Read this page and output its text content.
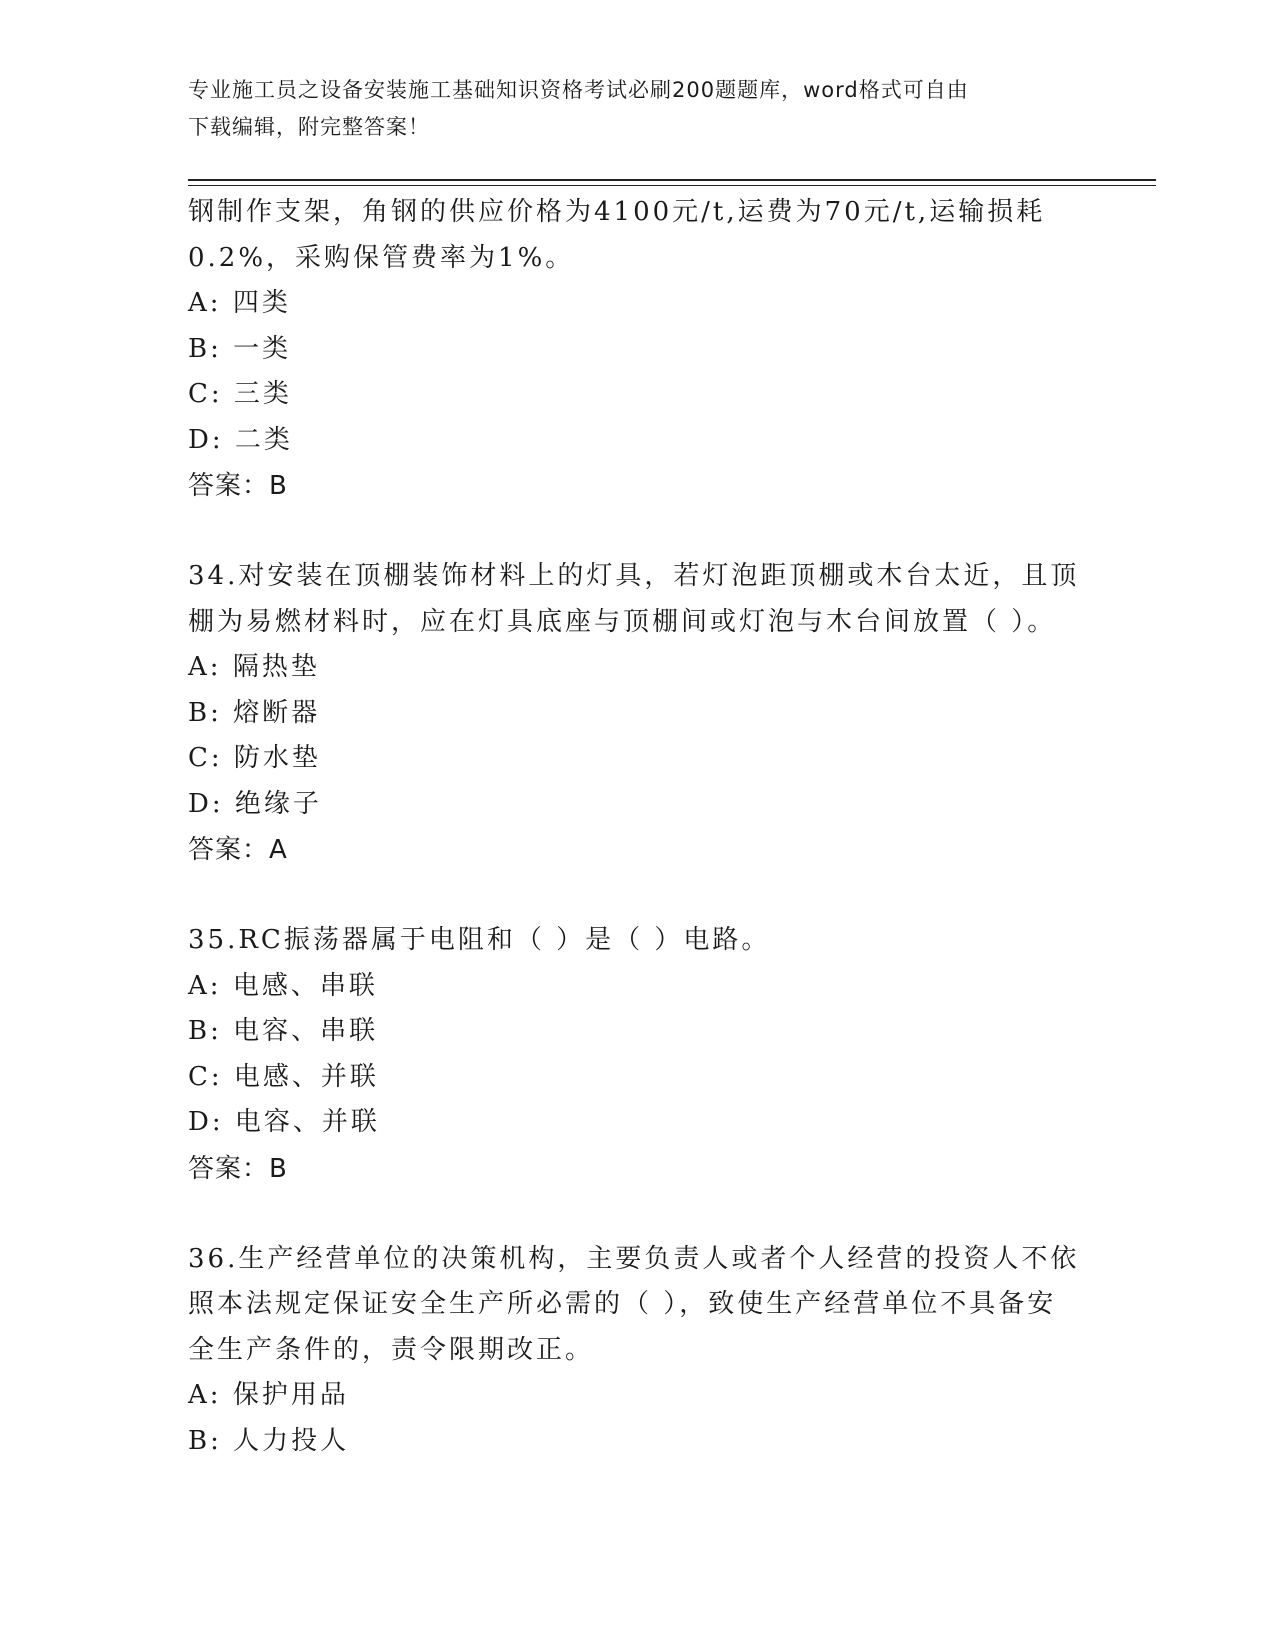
专业施工员之设备安装施工基础知识资格考试必刷200题题库，word格式可自由
下载编辑，附完整答案！
钢制作支架，角钢的供应价格为4100元/t,运费为70元/t,运输损耗
0.2%，采购保管费率为1%。
A: 四类
B: 一类
C: 三类
D: 二类
答案：B
34.对安装在顶棚装饰材料上的灯具，若灯泡距顶棚或木台太近，且顶
棚为易燃材料时，应在灯具底座与顶棚间或灯泡与木台间放置（ ）。
A: 隔热垫
B: 熔断器
C: 防水垫
D: 绝缘子
答案：A
35.RC振荡器属于电阻和（ ）是（ ）电路。
A: 电感、串联
B: 电容、串联
C: 电感、并联
D: 电容、并联
答案：B
36.生产经营单位的决策机构，主要负责人或者个人经营的投资人不依
照本法规定保证安全生产所必需的（ ），致使生产经营单位不具备安
全生产条件的，责令限期改正。
A: 保护用品
B: 人力投人
